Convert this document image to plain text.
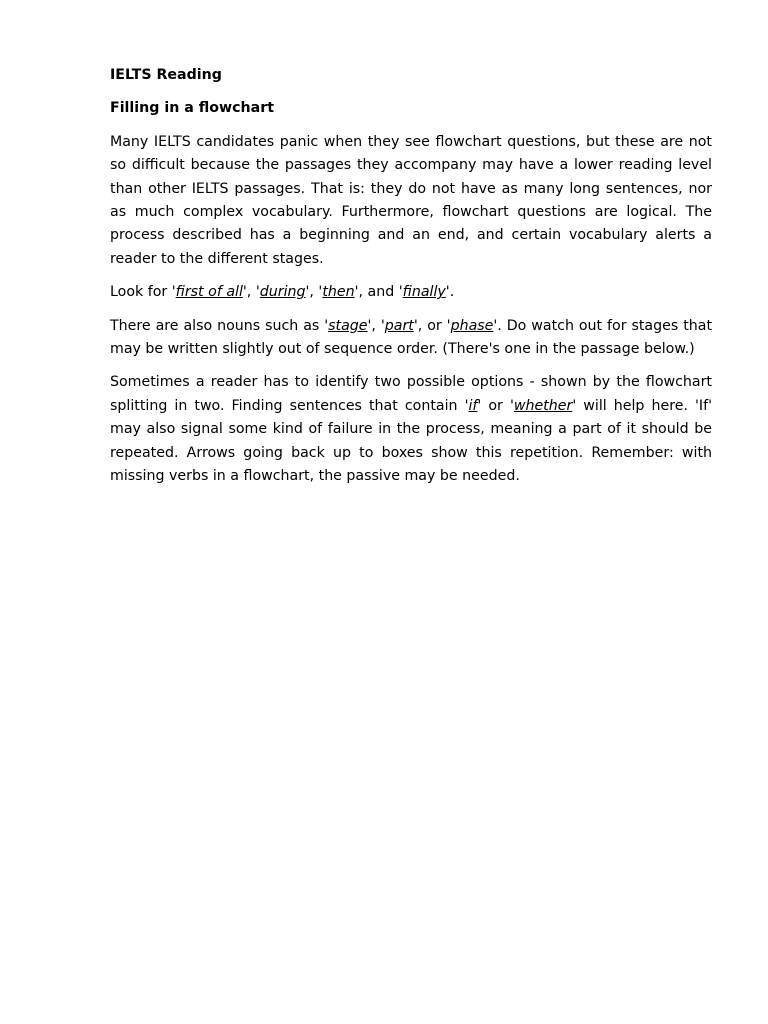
IELTS Reading
Filling in a flowchart

Many IELTS candidates panic when they see flowchart questions, but these are not so difficult because the passages they accompany may have a lower reading level than other IELTS passages. That is: they do not have as many long sentences, nor as much complex vocabulary. Furthermore, flowchart questions are logical. The process described has a beginning and an end, and certain vocabulary alerts a reader to the different stages.

Look for 'first of all', 'during', 'then', and 'finally'.

There are also nouns such as 'stage', 'part', or 'phase'. Do watch out for stages that may be written slightly out of sequence order. (There's one in the passage below.)

Sometimes a reader has to identify two possible options - shown by the flowchart splitting in two. Finding sentences that contain 'if' or 'whether' will help here. 'If' may also signal some kind of failure in the process, meaning a part of it should be repeated. Arrows going back up to boxes show this repetition. Remember: with missing verbs in a flowchart, the passive may be needed.
